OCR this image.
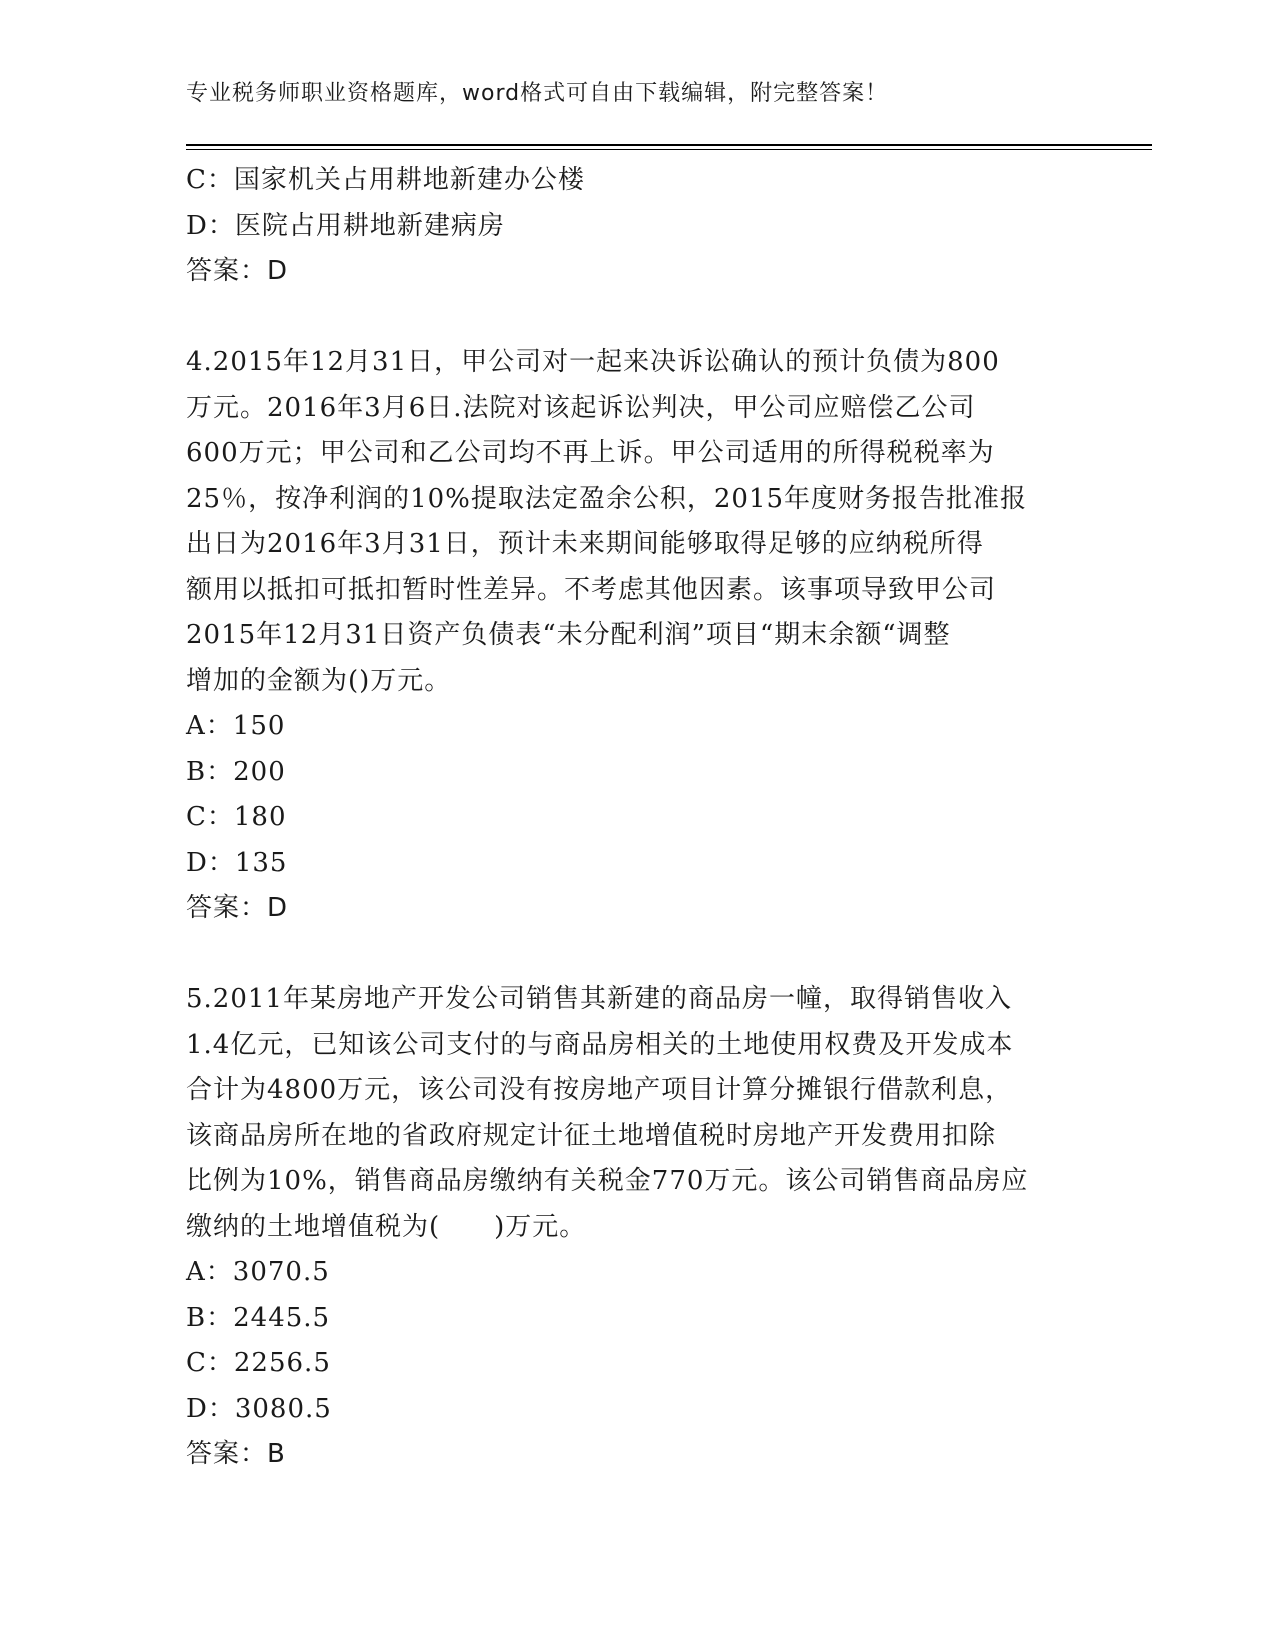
专业税务师职业资格题库，word格式可自由下载编辑，附完整答案！
C：国家机关占用耕地新建办公楼
D：医院占用耕地新建病房
答案：D
4.2015年12月31日，甲公司对一起来决诉讼确认的预计负债为800
万元。2016年3月6日.法院对该起诉讼判决，甲公司应赔偿乙公司
600万元；甲公司和乙公司均不再上诉。甲公司适用的所得税税率为
25％，按净利润的10%提取法定盈余公积，2015年度财务报告批准报
出日为2016年3月31日，预计未来期间能够取得足够的应纳税所得
额用以抵扣可抵扣暂时性差异。不考虑其他因素。该事项导致甲公司
2015年12月31日资产负债表“未分配利润”项目“期末余额“调整
增加的金额为()万元。
A：150
B：200
C：180
D：135
答案：D
5.2011年某房地产开发公司销售其新建的商品房一幢，取得销售收入
1.4亿元，已知该公司支付的与商品房相关的土地使用权费及开发成本
合计为4800万元，该公司没有按房地产项目计算分摊银行借款利息，
该商品房所在地的省政府规定计征土地增值税时房地产开发费用扣除
比例为10%，销售商品房缴纳有关税金770万元。该公司销售商品房应
缴纳的土地增值税为(　　)万元。
A：3070.5
B：2445.5
C：2256.5
D：3080.5
答案：B
